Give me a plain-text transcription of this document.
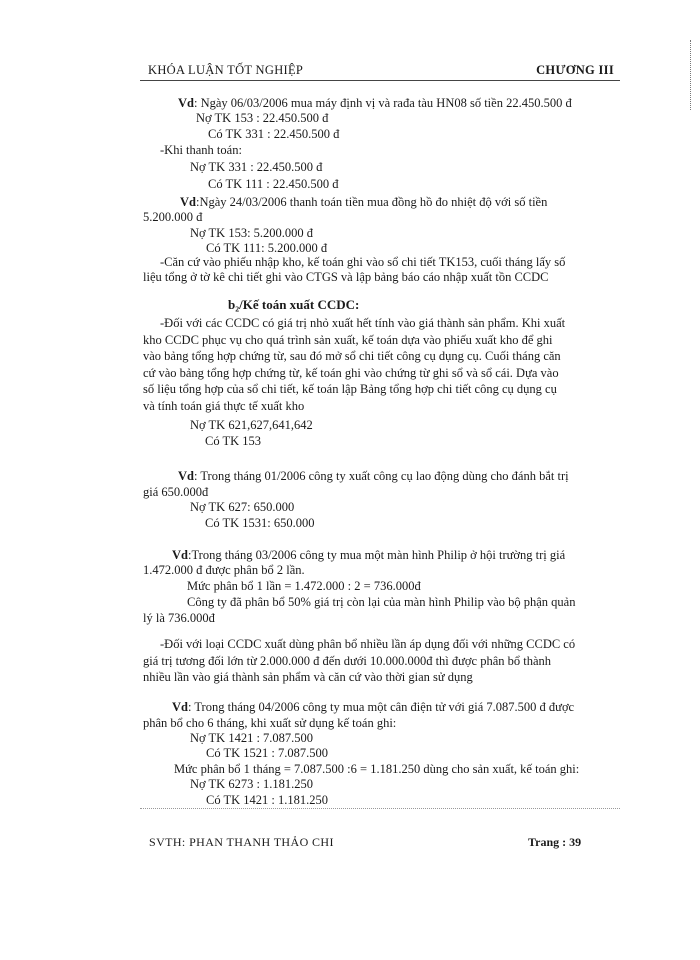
KHÓA LUẬN TỐT NGHIỆP	CHƯƠNG III
Vd: Ngày 06/03/2006 mua máy định vị và rađa tàu HN08 số tiền 22.450.500 đ
Nợ TK 153 : 22.450.500 đ
Có TK 331 : 22.450.500 đ
-Khi thanh toán:
Nợ TK 331 : 22.450.500 đ
Có TK 111 : 22.450.500 đ
Vd:Ngày 24/03/2006 thanh toán tiền mua đồng hồ đo nhiệt độ với số tiền
5.200.000 đ
Nợ TK 153: 5.200.000 đ
Có TK 111: 5.200.000 đ
-Căn cứ vào phiếu nhập kho, kế toán ghi vào sổ chi tiết TK153, cuối tháng lấy số
liệu tổng ở tờ kê chi tiết ghi vào CTGS và lập bảng báo cáo nhập xuất tồn CCDC
b₂/Kế toán xuất CCDC:
-Đối với các CCDC có giá trị nhỏ xuất hết tính vào giá thành sản phẩm. Khi xuất
kho CCDC phục vụ cho quá trình sản xuất, kế toán dựa vào phiếu xuất kho để ghi
vào bảng tổng hợp chứng từ, sau đó mở sổ chi tiết công cụ dụng cụ. Cuối tháng căn
cứ vào bảng tổng hợp chứng từ, kế toán ghi vào chứng từ ghi sổ và sổ cái. Dựa vào
số liệu tổng hợp của sổ chi tiết, kế toán lập Bảng tổng hợp chi tiết công cụ dụng cụ
và tính toán giá thực tế xuất kho
Nợ TK 621,627,641,642
Có TK 153
Vd: Trong tháng 01/2006 công ty xuất công cụ lao động dùng cho đánh bắt trị
giá 650.000đ
Nợ TK 627: 650.000
Có TK 1531: 650.000
Vd:Trong tháng 03/2006 công ty mua một màn hình Philip ở hội trường trị giá
1.472.000 đ được phân bổ 2 lần.
Mức phân bổ 1 lần = 1.472.000 : 2 = 736.000đ
Công ty đã phân bổ 50% giá trị còn lại của màn hình Philip vào bộ phận quản
lý là 736.000đ
-Đối với loại CCDC xuất dùng phân bổ nhiều lần áp dụng đối với những CCDC có
giá trị tương đối lớn từ 2.000.000 đ đến dưới 10.000.000đ thì được phân bổ thành
nhiều lần vào giá thành sản phẩm và căn cứ vào thời gian sử dụng
Vd: Trong tháng 04/2006 công ty mua một cân điện tử với giá 7.087.500 đ được
phân bổ cho 6 tháng, khi xuất sử dụng kế toán ghi:
Nợ TK 1421 : 7.087.500
Có TK 1521 : 7.087.500
Mức phân bổ 1 tháng = 7.087.500 :6 = 1.181.250 dùng cho sản xuất, kế toán ghi:
Nợ TK 6273 : 1.181.250
Có TK 1421 : 1.181.250
SVTH: PHAN THANH THẢO CHI	Trang : 39
